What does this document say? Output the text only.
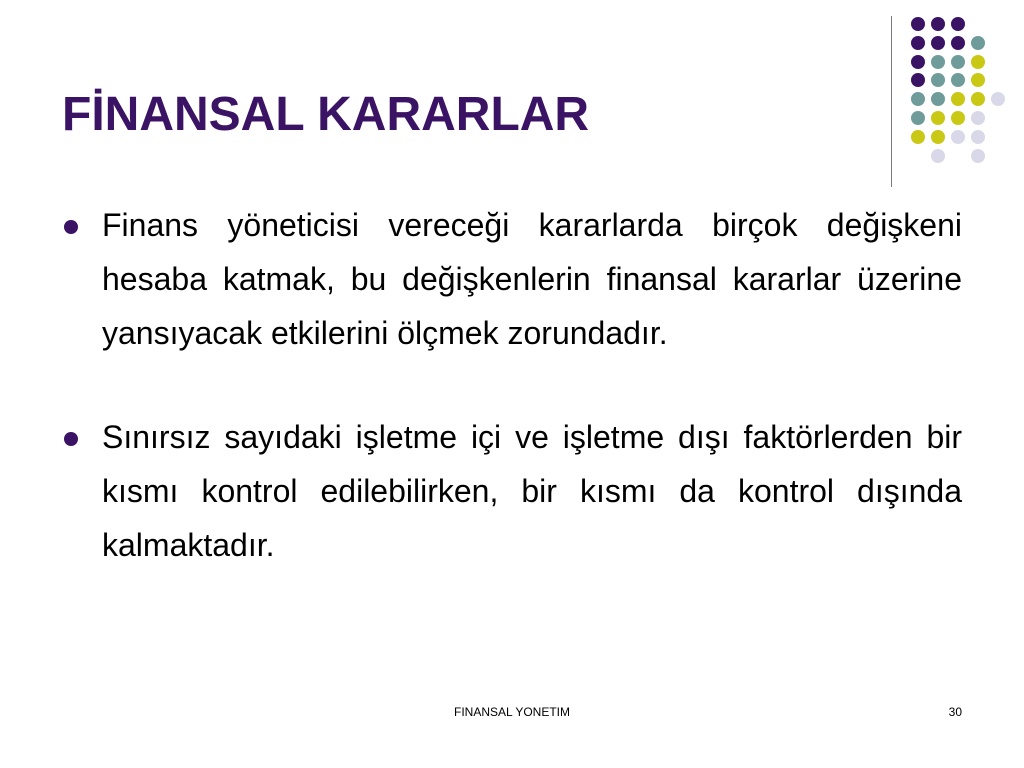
FİNANSAL KARARLAR
Finans yöneticisi vereceği kararlarda birçok değişkeni hesaba katmak, bu değişkenlerin finansal kararlar üzerine yansıyacak etkilerini ölçmek zorundadır.
Sınırsız sayıdaki işletme içi ve işletme dışı faktörlerden bir kısmı kontrol edilebilirken, bir kısmı da kontrol dışında kalmaktadır.
FINANSAL YONETIM	30
